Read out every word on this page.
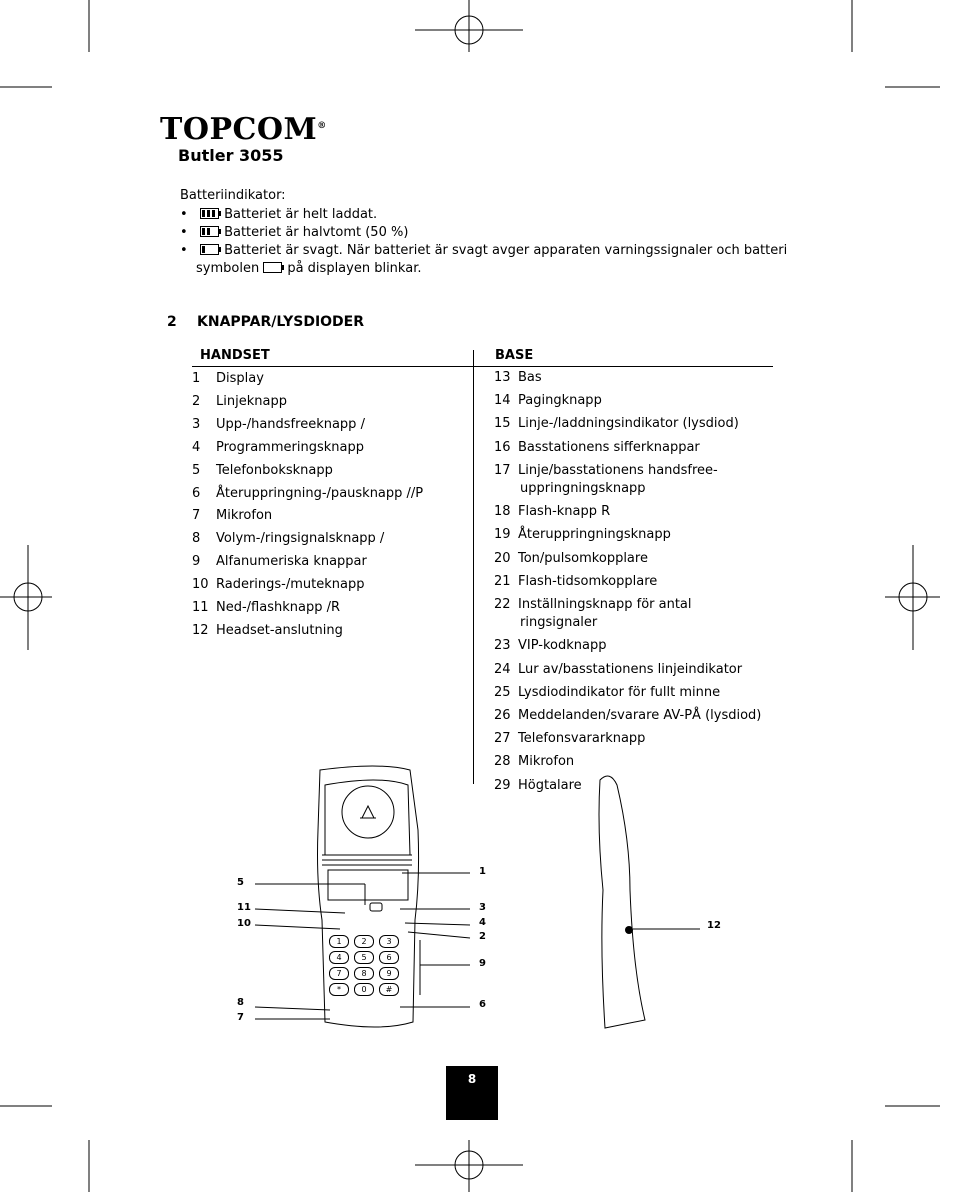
TOPCOM®
Butler 3055
Batteriindikator:
•
Batteriet är helt laddat.
•
Batteriet är halvtomt (50 %)
•
Batteriet är svagt. När batteriet är svagt avger apparaten varningssignaler och batteri
symbolen på displayen blinkar.
2 KNAPPAR/LYSDIODER
HANDSET	BASE
1 Display
2 Linjeknapp
3 Upp-/handsfreeknapp /
4 Programmeringsknapp
5 Telefonboksknapp
6 Återuppringning-/pausknapp //P
7 Mikrofon
8 Volym-/ringsignalsknapp /
9 Alfanumeriska knappar
10 Raderings-/muteknapp
11 Ned-/flashknapp /R
12 Headset-anslutning
13 Bas
14 Pagingknapp
15 Linje-/laddningsindikator (lysdiod)
16 Basstationens sifferknappar
17 Linje/basstationens handsfree-
uppringningsknapp
18 Flash-knapp R
19 Återuppringningsknapp
20 Ton/pulsomkopplare
21 Flash-tidsomkopplare
22 Inställningsknapp för antal
ringsignaler
23 VIP-kodknapp
24 Lur av/basstationens linjeindikator
25 Lysdiodindikator för fullt minne
26 Meddelanden/svarare AV-PÅ (lysdiod)
27 Telefonsvararknapp
28 Mikrofon
29 Högtalare
1	2	3
4	5	6
7	8	9
*	0	#
1
5
11
10
3
4
2
9
8
7
6
12
8
